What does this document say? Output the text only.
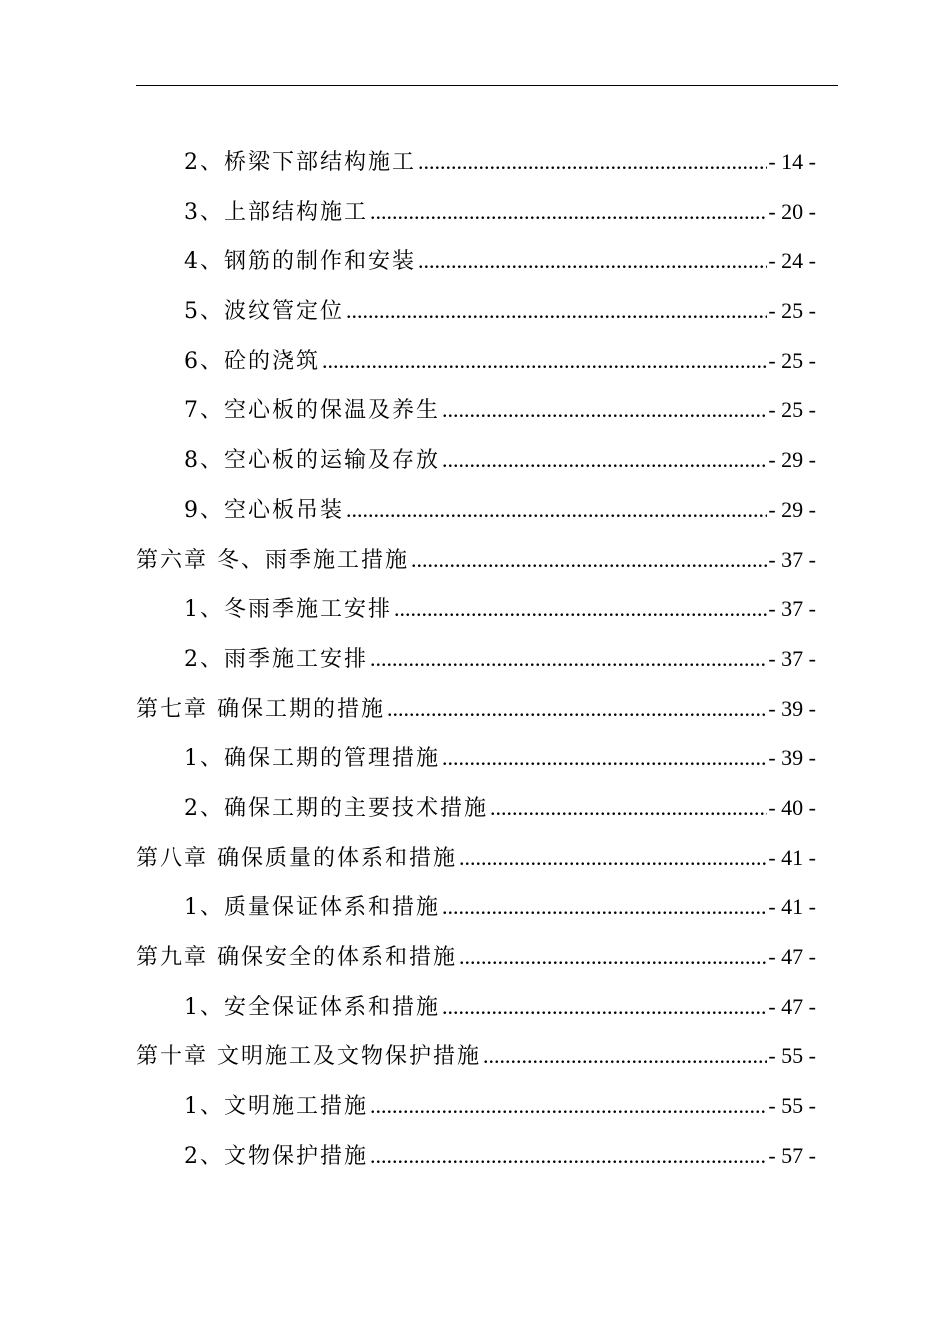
2、桥梁下部结构施工 .....	- 14 -
3、上部结构施工 .....	- 20 -
4、钢筋的制作和安装 .....	- 24 -
5、波纹管定位 .....	- 25 -
6、砼的浇筑 .....	- 25 -
7、空心板的保温及养生 .....	- 25 -
8、空心板的运输及存放 .....	- 29 -
9、空心板吊装 .....	- 29 -
第六章 冬、雨季施工措施 .....	- 37 -
1、冬雨季施工安排 .....	- 37 -
2、雨季施工安排 .....	- 37 -
第七章 确保工期的措施 .....	- 39 -
1、确保工期的管理措施 .....	- 39 -
2、确保工期的主要技术措施 .....	- 40 -
第八章 确保质量的体系和措施 .....	- 41 -
1、质量保证体系和措施 .....	- 41 -
第九章 确保安全的体系和措施 .....	- 47 -
1、安全保证体系和措施 .....	- 47 -
第十章 文明施工及文物保护措施 .....	- 55 -
1、文明施工措施 .....	- 55 -
2、文物保护措施 .....	- 57 -
